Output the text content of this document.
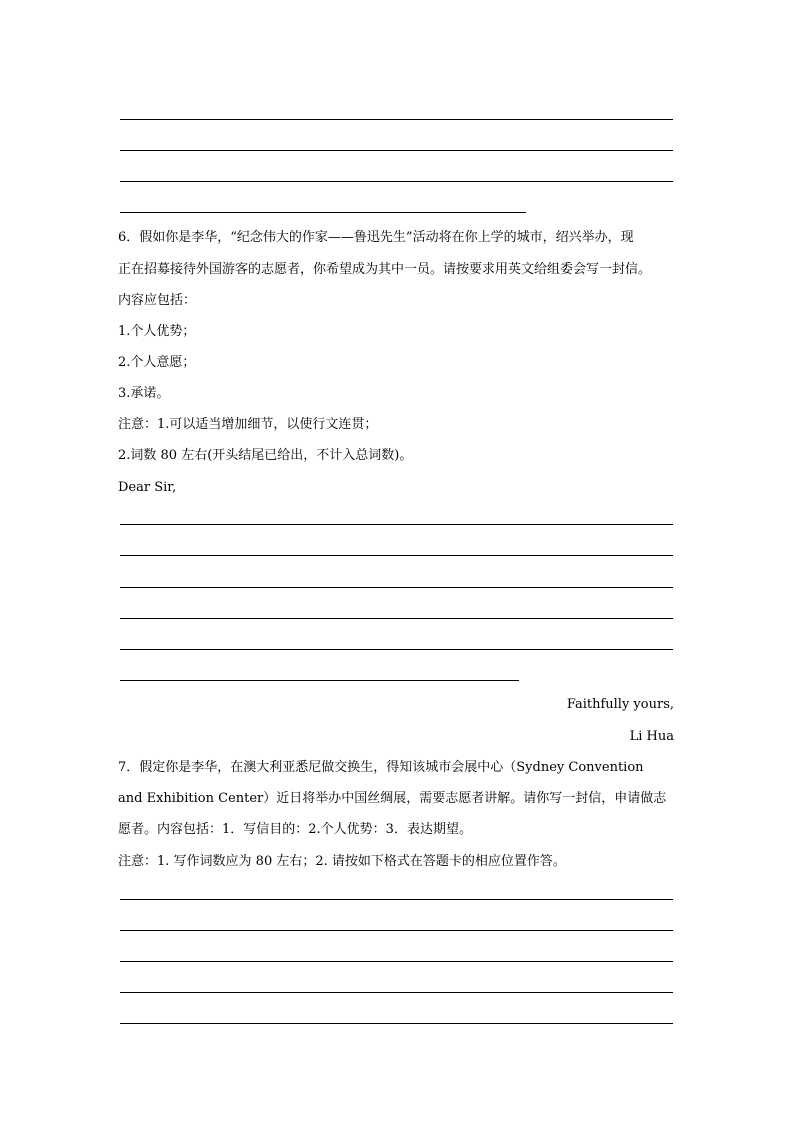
6．假如你是李华，“纪念伟大的作家——鲁迅先生”活动将在你上学的城市，绍兴举办，现
正在招募接待外国游客的志愿者，你希望成为其中一员。请按要求用英文给组委会写一封信。
内容应包括：
1.个人优势；
2.个人意愿；
3.承诺。
注意：1.可以适当增加细节，以使行文连贯；
2.词数 80 左右(开头结尾已给出，不计入总词数)。
Dear Sir,
Faithfully yours,
Li Hua
7．假定你是李华，在澳大利亚悉尼做交换生，得知该城市会展中心（Sydney Convention
and Exhibition Center）近日将举办中国丝绸展，需要志愿者讲解。请你写一封信，申请做志
愿者。内容包括：1．写信目的：2.个人优势：3．表达期望。
注意：1. 写作词数应为 80 左右；2. 请按如下格式在答题卡的相应位置作答。
